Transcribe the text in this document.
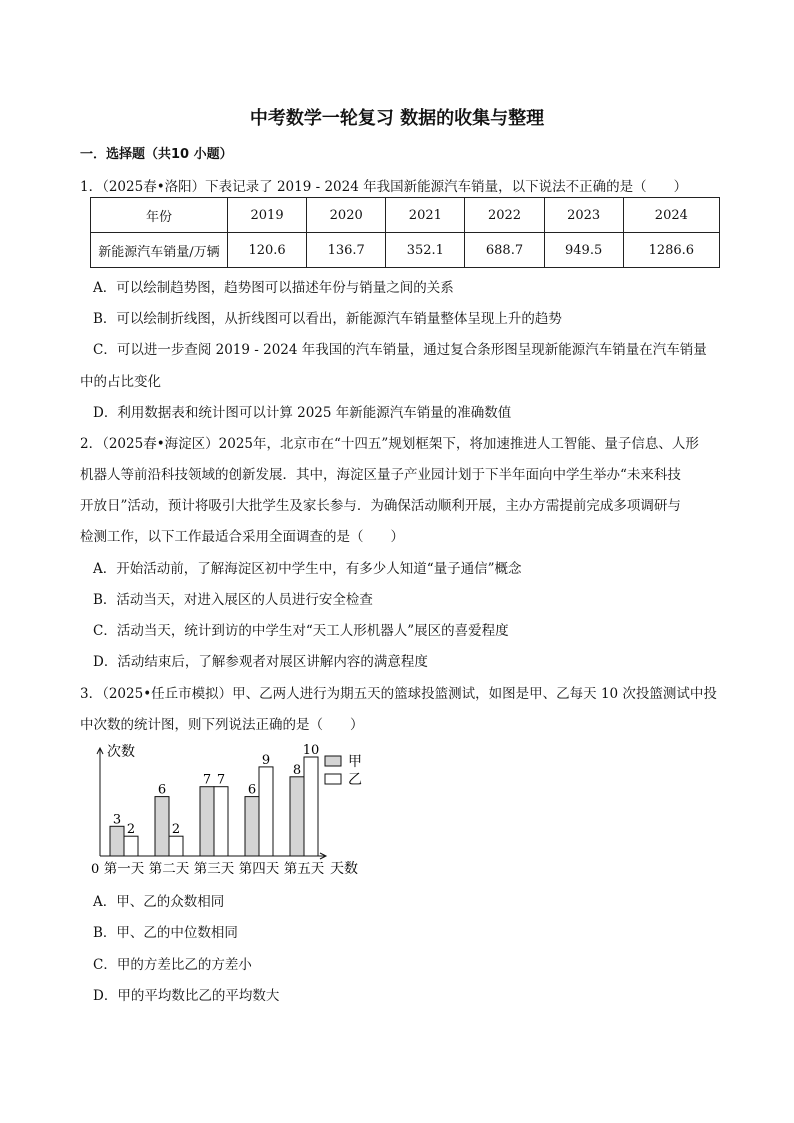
中考数学一轮复习 数据的收集与整理
一．选择题（共10 小题）
1．（2025春•洛阳）下表记录了 2019 - 2024 年我国新能源汽车销量，以下说法不正确的是（　　）
年份	2019	2020	2021	2022	2023	2024
新能源汽车销量/万辆	120.6	136.7	352.1	688.7	949.5	1286.6
A．可以绘制趋势图，趋势图可以描述年份与销量之间的关系
B．可以绘制折线图，从折线图可以看出，新能源汽车销量整体呈现上升的趋势
C．可以进一步查阅 2019 - 2024 年我国的汽车销量，通过复合条形图呈现新能源汽车销量在汽车销量
中的占比变化
D．利用数据表和统计图可以计算 2025 年新能源汽车销量的准确数值
2．（2025春•海淀区）2025年，北京市在“十四五”规划框架下，将加速推进人工智能、量子信息、人形
机器人等前沿科技领域的创新发展．其中，海淀区量子产业园计划于下半年面向中学生举办“未来科技
开放日”活动，预计将吸引大批学生及家长参与．为确保活动顺利开展，主办方需提前完成多项调研与
检测工作，以下工作最适合采用全面调查的是（　　）
A．开始活动前，了解海淀区初中学生中，有多少人知道“量子通信”概念
B．活动当天，对进入展区的人员进行安全检查
C．活动当天，统计到访的中学生对“天工人形机器人”展区的喜爱程度
D．活动结束后，了解参观者对展区讲解内容的满意程度
3．（2025•任丘市模拟）甲、乙两人进行为期五天的篮球投篮测试，如图是甲、乙每天 10 次投篮测试中投
中次数的统计图，则下列说法正确的是（　　）
次数
天数
0
3
2
第一天
6
2
第二天
7 7
第三天
6
9
第四天
8
10
第五天
甲
乙
A．甲、乙的众数相同
B．甲、乙的中位数相同
C．甲的方差比乙的方差小
D．甲的平均数比乙的平均数大
